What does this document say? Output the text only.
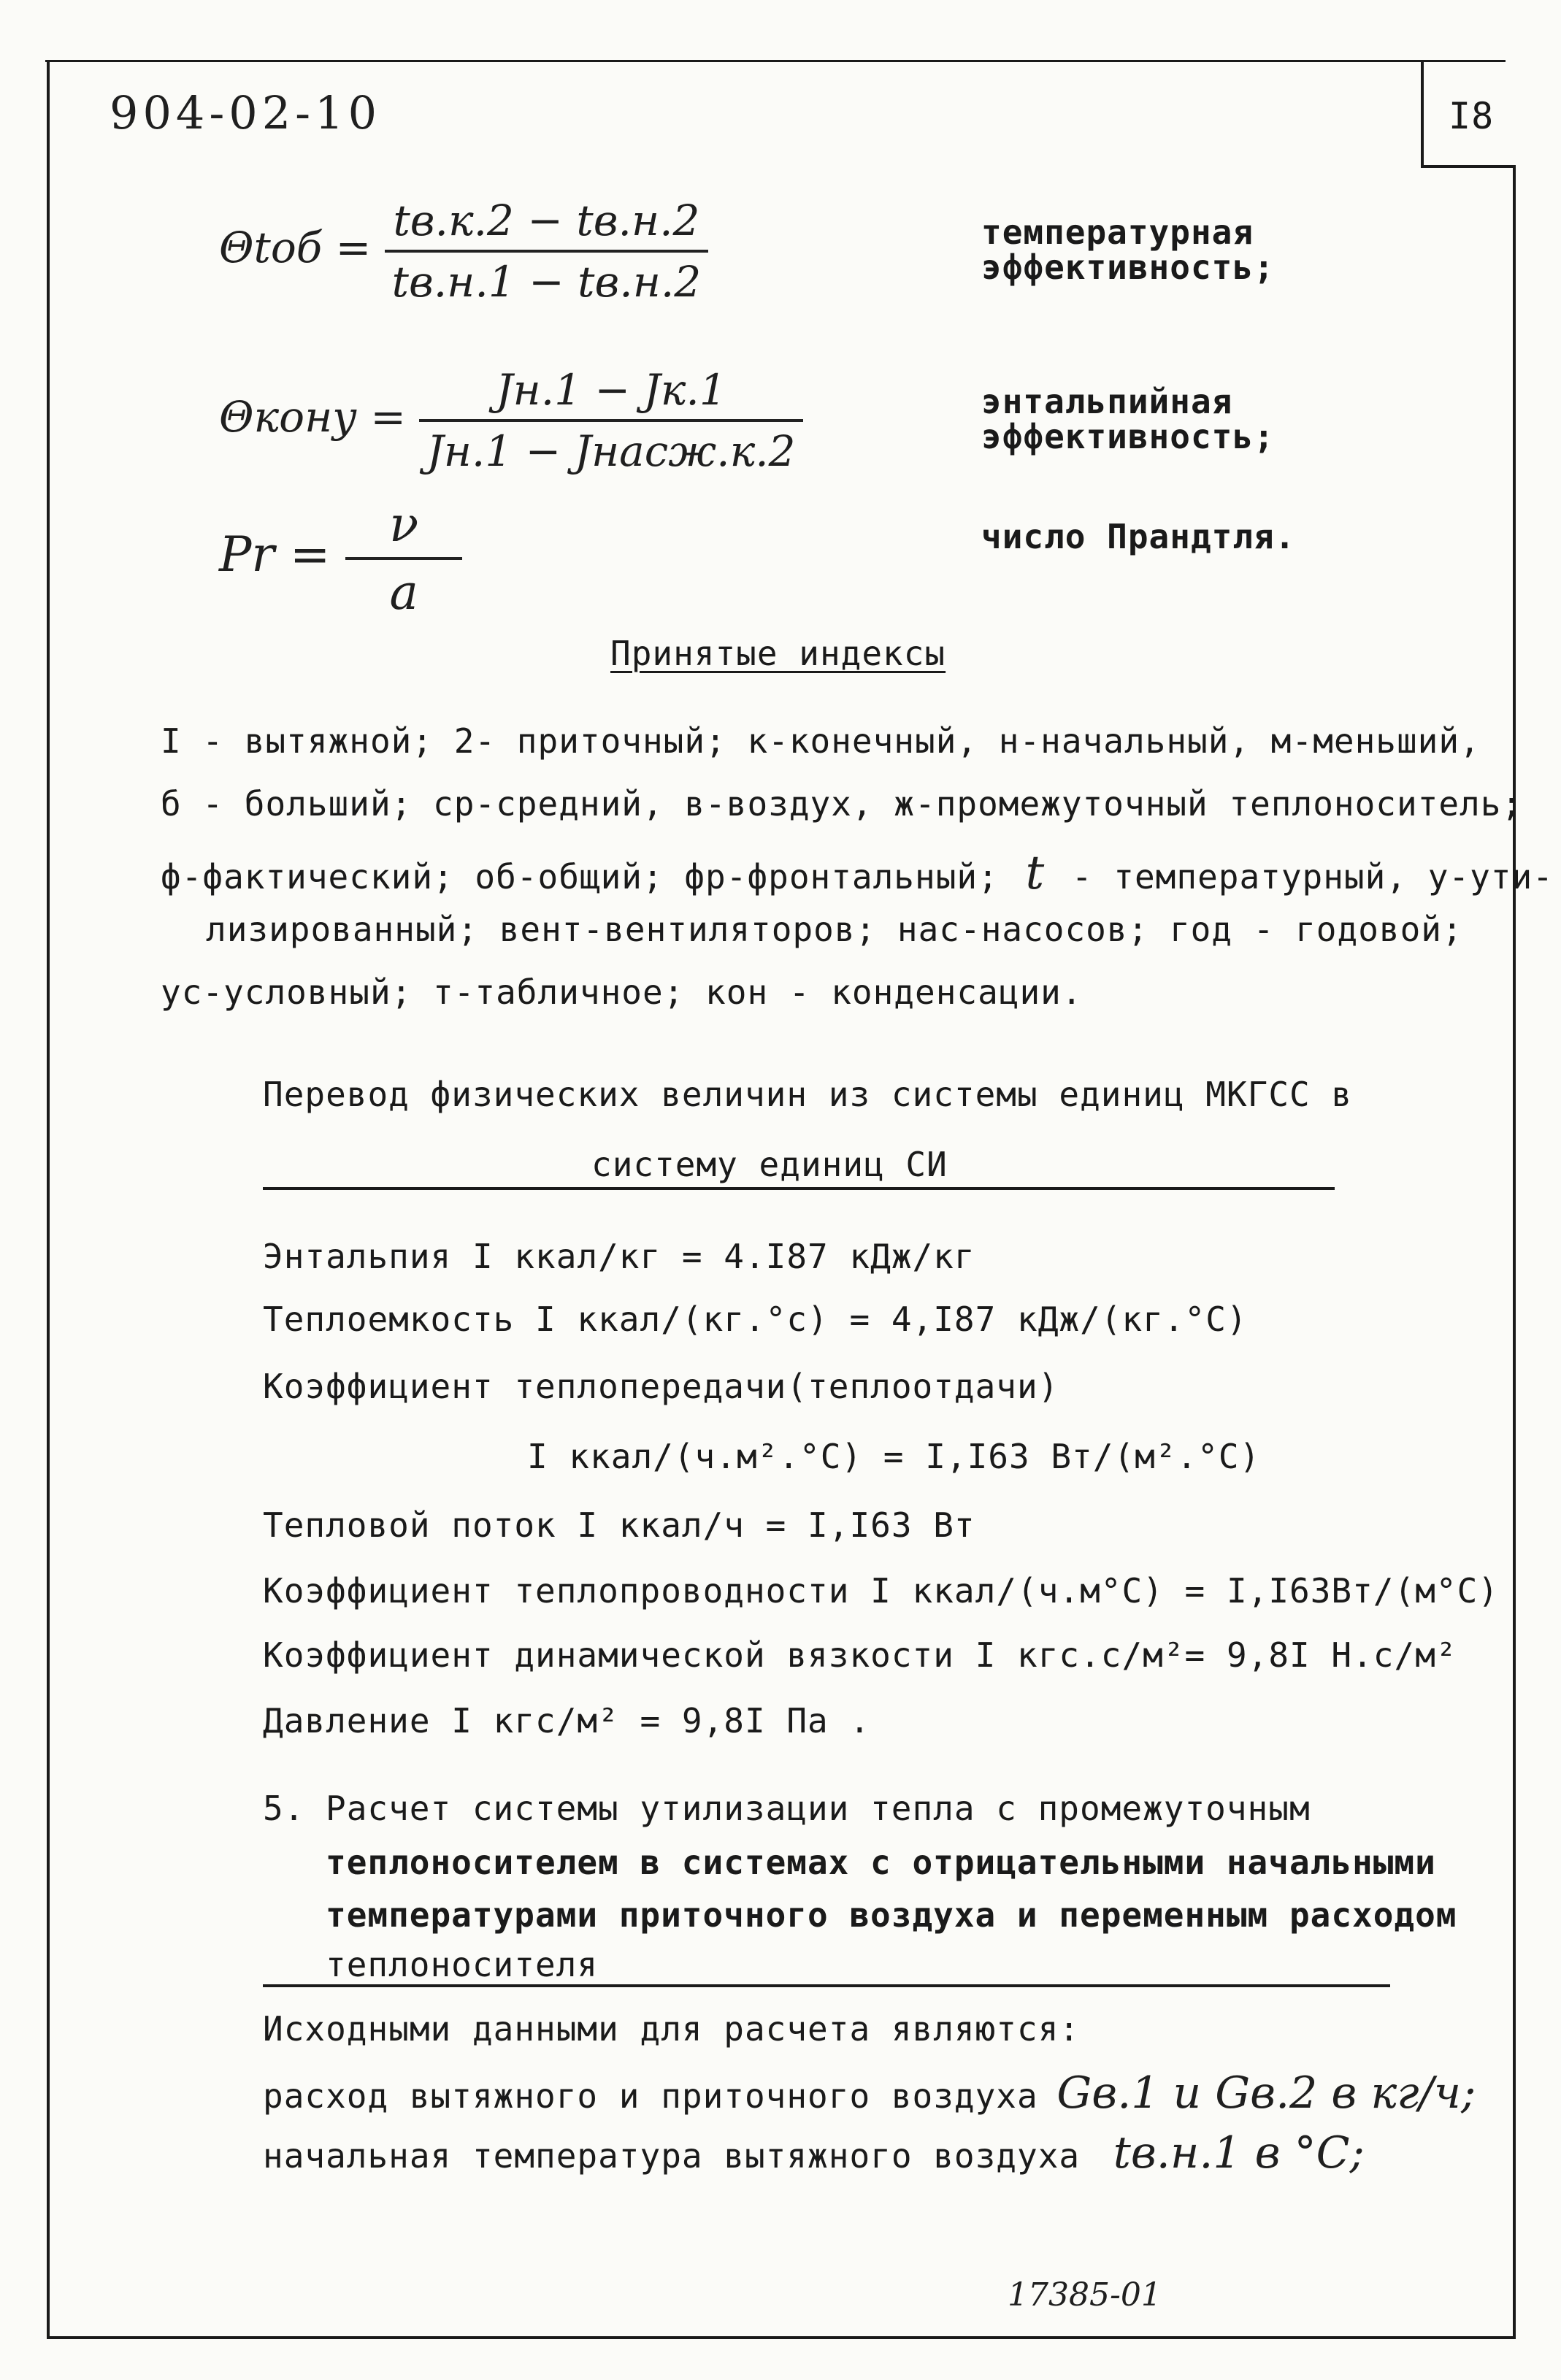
904-02-10	I8
$\Theta tоб = \frac{tв.к.2 - tв.н.2}{tв.н.1 - tв.н.2}$	температурная
эффективность;
Θкону = $\frac{Jн.1 - Jк.1}{\text{Jн.1 − Jнасж.к.2}}$	энтальпийная
эффективность;
$Pr = \frac{\nu}{a}$	число Прандтля.
Принятые индексы
I - вытяжной; 2- приточный; к-конечный, н-начальный, м-меньший,
б - больший; ср-средний, в-воздух, ж-промежуточный теплоноситель;
ф-фактический; об-общий; фр-фронтальный; t - температурный, у-ути-
лизированный; вент-вентиляторов; нас-насосов; год - годовой;
ус-условный; т-табличное; кон - конденсации.
Перевод физических величин из системы единиц МКГСС в
систему единиц СИ
Энтальпия I ккал/кг = 4.I87 кДж/кг
Теплоемкость I ккал/(кг.°с) = 4,I87 кДж/(кг.°С)
Коэффициент теплопередачи(теплоотдачи)
I ккал/(ч.м².°С) = I,I63 Вт/(м².°С)
Тепловой поток I ккал/ч = I,I63 Вт
Коэффициент теплопроводности I ккал/(ч.м°С) = I,I63Вт/(м°С)
Коэффициент динамической вязкости I кгс.с/м²= 9,8I Н.с/м²
Давление I кгс/м² = 9,8I Па .
5. Расчет системы утилизации тепла с промежуточным
теплоносителем в системах с отрицательными начальными
температурами приточного воздуха и переменным расходом
теплоносителя
Исходными данными для расчета являются:
расход вытяжного и приточного воздуха Gв.1 и Gв.2 в кг/ч;
начальная температура вытяжного воздуха tв.н.1 в °С;
17385-01
